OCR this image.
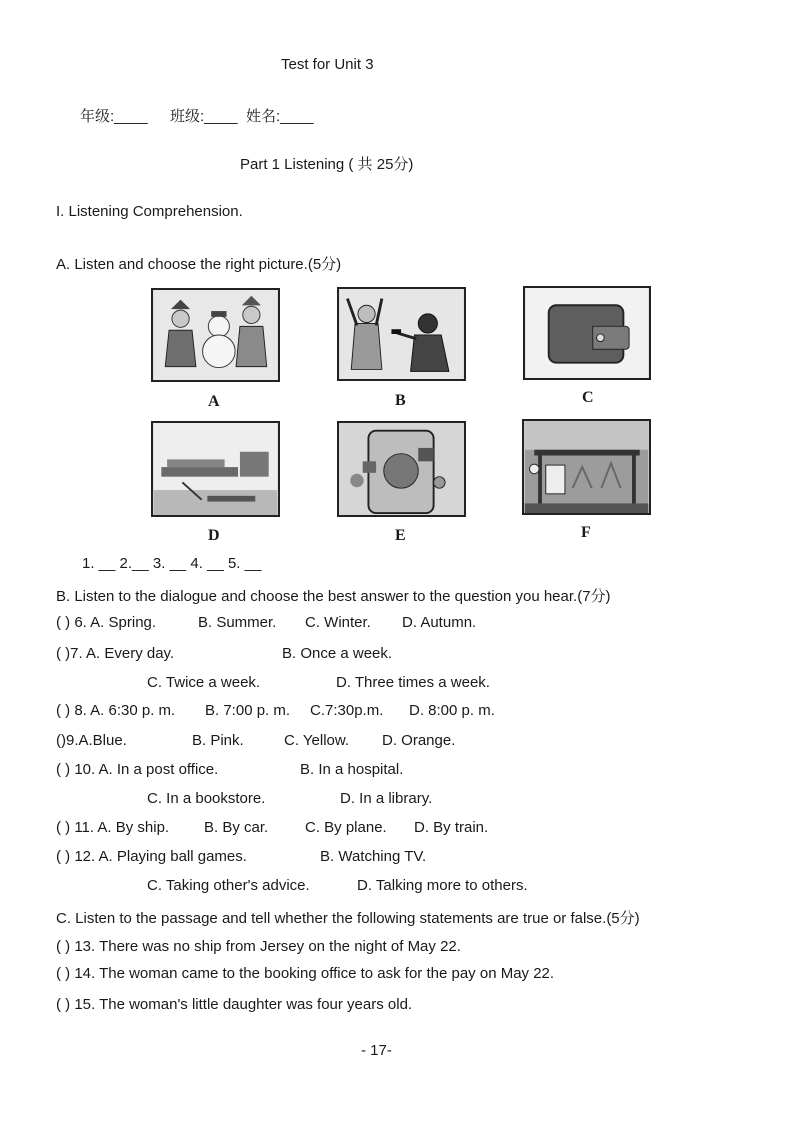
Test for Unit 3
年级:____ 班级:____ 姓名:____
Part 1 Listening ( 共 25分)
I. Listening Comprehension.
A. Listen and choose the right picture.(5分)
A	B	C
D	E	F
1. __ 2.__ 3. __ 4. __ 5. __
B. Listen to the dialogue and choose the best answer to the question you hear.(7分)
( ) 6. A. Spring.	B. Summer. C. Winter. D. Autumn.
( )7. A. Every day.	B. Once a week.
C. Twice a week.	D. Three times a week.
( ) 8. A. 6:30 p. m. B. 7:00 p. m. C.7:30p.m. D. 8:00 p. m.
()9.A.Blue.	B. Pink.	C. Yellow. D. Orange.
( ) 10. A. In a post office.	B. In a hospital.
C. In a bookstore.	D. In a library.
( ) 11. A. By ship. B. By car. C. By plane. D. By train.
( ) 12. A. Playing ball games.	B. Watching TV.
C. Taking other's advice.	D. Talking more to others.
C. Listen to the passage and tell whether the following statements are true or false.(5分)
( ) 13. There was no ship from Jersey on the night of May 22.
( ) 14. The woman came to the booking office to ask for the pay on May 22.
( ) 15. The woman's little daughter was four years old.
- 17-
